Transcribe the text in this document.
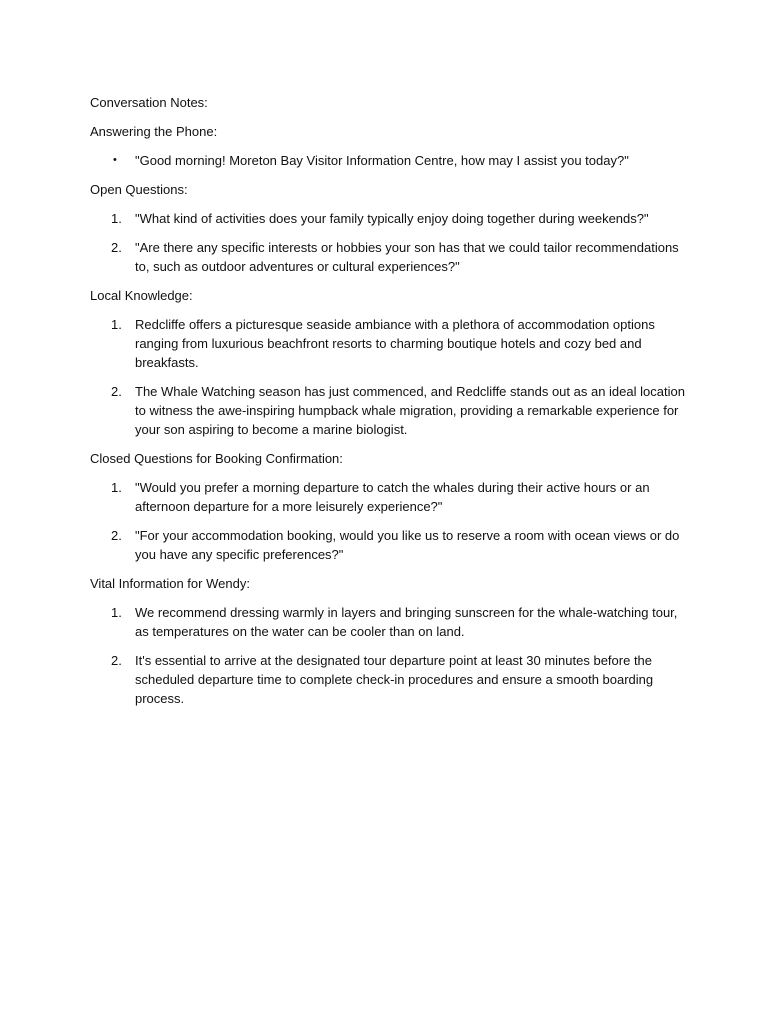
Conversation Notes:

Answering the Phone:

• "Good morning! Moreton Bay Visitor Information Centre, how may I assist you today?"

Open Questions:

1. "What kind of activities does your family typically enjoy doing together during weekends?"
2. "Are there any specific interests or hobbies your son has that we could tailor recommendations to, such as outdoor adventures or cultural experiences?"

Local Knowledge:

1. Redcliffe offers a picturesque seaside ambiance with a plethora of accommodation options ranging from luxurious beachfront resorts to charming boutique hotels and cozy bed and breakfasts.
2. The Whale Watching season has just commenced, and Redcliffe stands out as an ideal location to witness the awe-inspiring humpback whale migration, providing a remarkable experience for your son aspiring to become a marine biologist.

Closed Questions for Booking Confirmation:

1. "Would you prefer a morning departure to catch the whales during their active hours or an afternoon departure for a more leisurely experience?"
2. "For your accommodation booking, would you like us to reserve a room with ocean views or do you have any specific preferences?"

Vital Information for Wendy:

1. We recommend dressing warmly in layers and bringing sunscreen for the whale-watching tour, as temperatures on the water can be cooler than on land.
2. It's essential to arrive at the designated tour departure point at least 30 minutes before the scheduled departure time to complete check-in procedures and ensure a smooth boarding process.
